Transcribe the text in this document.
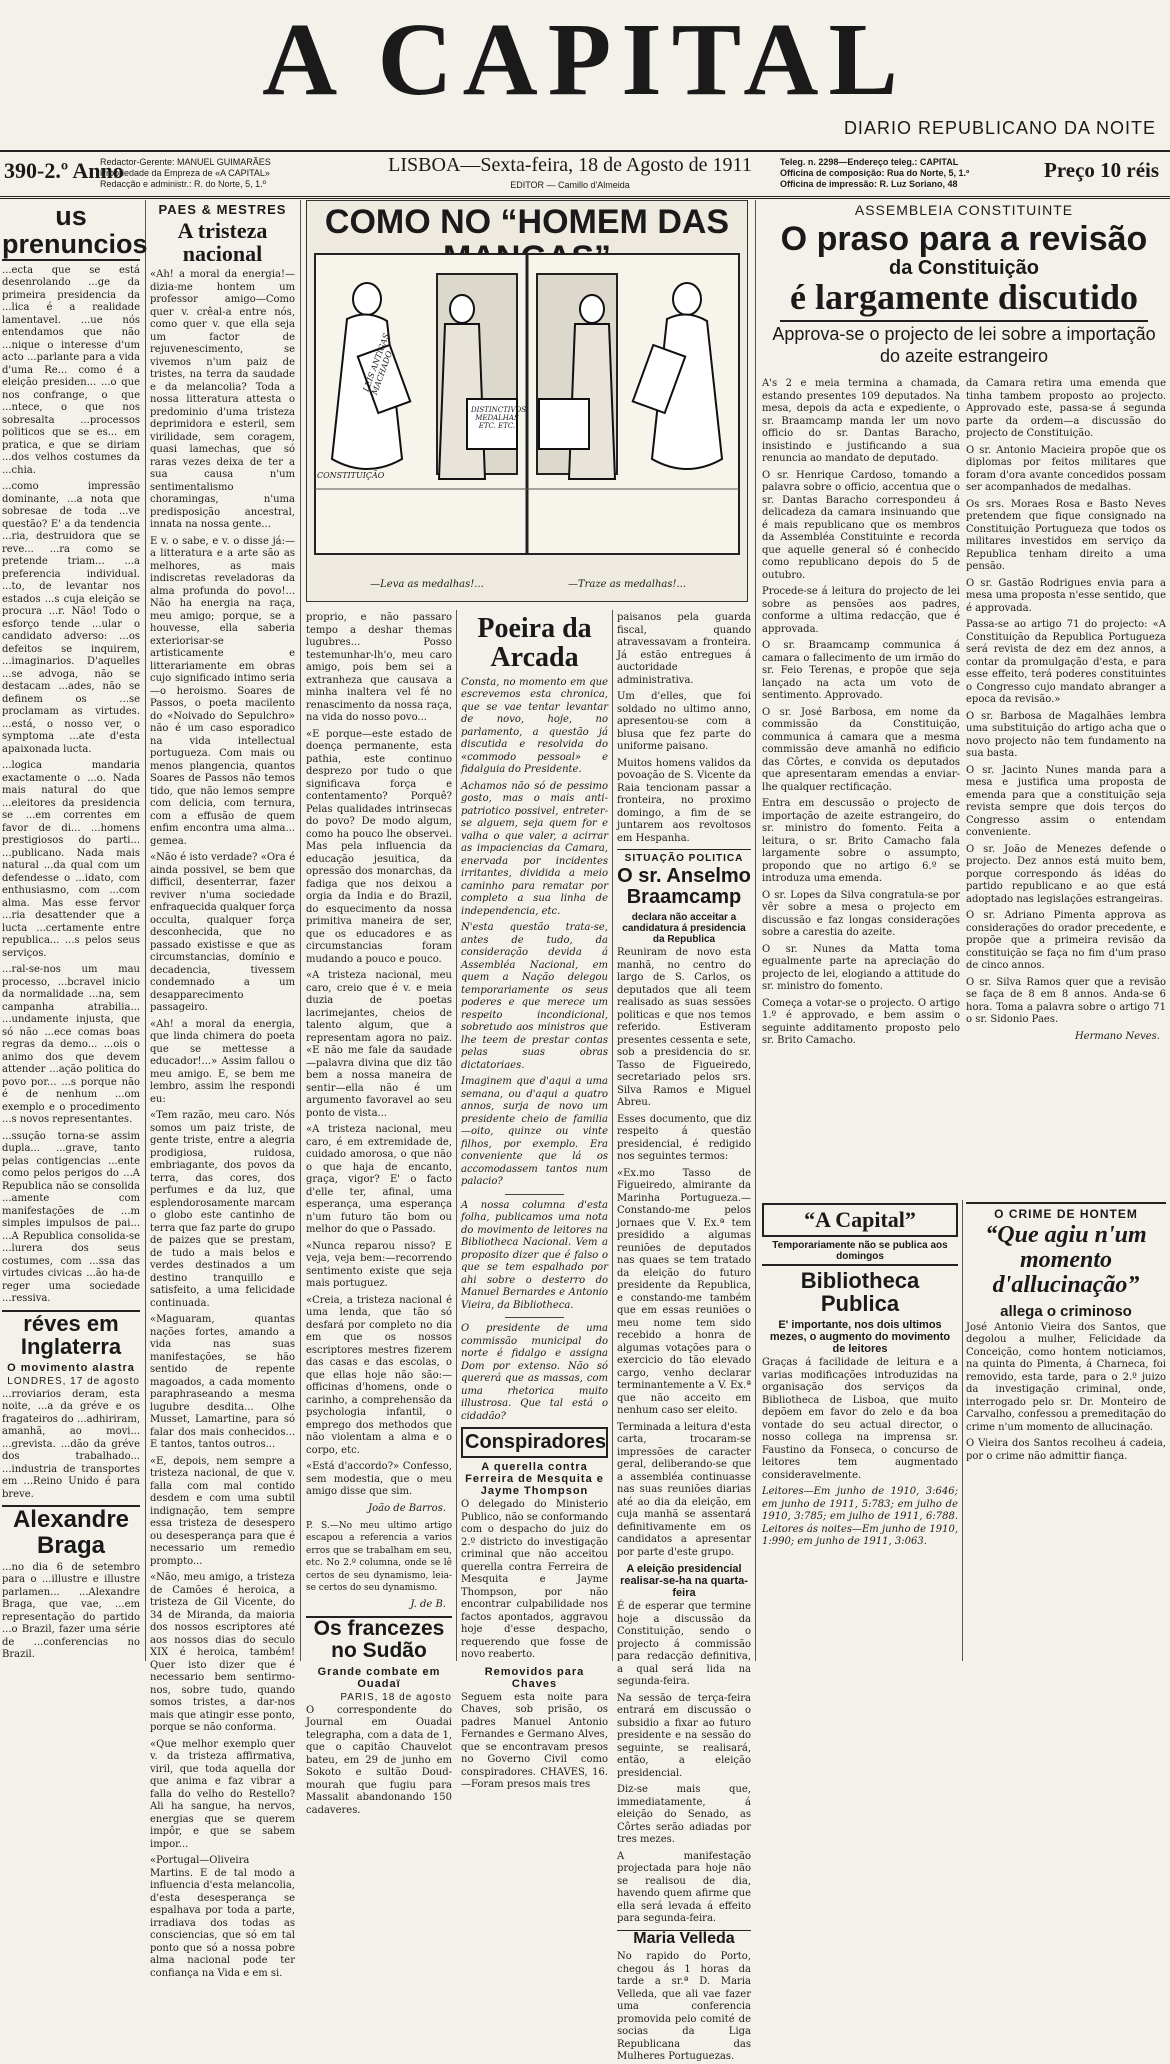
A CAPITAL
DIARIO REPUBLICANO DA NOITE
390-2.º Anno
Redactor-Gerente: MANUEL GUIMARÃES
Propriedade da Empreza de «A CAPITAL»
Redacção e administr.: R. do Norte, 5, 1.º
LISBOA—Sexta-feira, 18 de Agosto de 1911
EDITOR — Camillo d'Almeida
Teleg. n. 2298—Endereço teleg.: CAPITAL
Officina de composição: Rua do Norte, 5, 1.º
Officina de impressão: R. Luz Soriano, 48
Preço 10 réis
us prenuncios

...ecta que se está desenrolando ...ge da primeira presidencia da ...lica é a realidade lamentavel. ...ue nós entendamos que não ...nique o interesse d'um acto ...parlante para a vida d'uma Re... como é a eleição presiden... ...o que nos confrange, o que ...ntece, o que nos sobresalta ...processos politicos que se es... em pratica, e que se diriam ...dos velhos costumes da ...chia.

...como impressão dominante, ...a nota que sobresae de toda ...ve questão? E' a da tendencia ...ria, destruidora que se reve... ...ra como se pretende triam... ...a preferencia individual. ...to, de levantar nos estados ...s cuja eleição se procura ...r. Não! Todo o esforço tende ...ular o candidato adverso: ...os defeitos se inquirem, ...imaginarios. D'aquelles ...se advoga, não se destacam ...ades, não se definem os ...se proclamam as virtudes. ...está, o nosso ver, o symptoma ...ate d'esta apaixonada lucta.

...logica mandaria exactamente o ...o. Nada mais natural do que ...eleitores da presidencia se ...em correntes em favor de di... ...homens prestigiosos do parti... ...publicano. Nada mais natural ...da qual com um defendesse o ...idato, com enthusiasmo, com ...com alma. Mas esse fervor ...ria desattender que a lucta ...certamente entre republica... ...s pelos seus serviços.

...ral-se-nos um mau processo, ...bcravel inicio da normalidade ...na, sem campanha atrabilia... ...undamente injusta, que só não ...ece comas boas regras da demo... ...ois o animo dos que devem attender ...ação politica do povo por... ...s porque não é de nenhum ...om exemplo e o procedimento ...s novos representantes.

...ssução torna-se assim dupla... ...grave, tanto pelas contigencias ...ente como pelos perigos do ...A Republica não se consolida ...amente com manifestações de ...m simples impulsos de pai... ...A Republica consolida-se ...lurera dos seus costumes, com ...ssa das virtudes civicas ...ão ha-de reger uma sociedade ...ressiva.

réves em Inglaterra
O movimento alastra
LONDRES, 17 de agosto

...rroviarios deram, esta noite, ...a da gréve e os fragateiros do ...adhiriram, amanhã, ao movi... ...grevista. ...dão da gréve dos trabalhado... ...industria de transportes em ...Reino Unido é para breve.

Alexandre Braga

...no dia 6 de setembro para o ...illustre e illustre parlamen... ...Alexandre Braga, que vae, ...em representação do partido ...o Brazil, fazer uma série de ...conferencias no Brazil.

PAES & MESTRES
A tristeza nacional

«Ah! a moral da energia!—dizia-me hontem um professor amigo—Como quer v. crêal-a entre nós, como quer v. que ella seja um factor de rejuvenescimento, se vivemos n'um paiz de tristes, na terra da saudade e da melancolia? Toda a nossa litteratura attesta o predominio d'uma tristeza deprimidora e esteril, sem virilidade, sem coragem, quasi lamechas, que só raras vezes deixa de ter a sua causa n'um sentimentalismo choramingas, n'uma predisposição ancestral, innata na nossa gente...

E v. o sabe, e v. o disse já:—a litteratura e a arte são as melhores, as mais indiscretas reveladoras da alma profunda do povo!... Não ha energia na raça, meu amigo; porque, se a houvesse, ella saberia exteriorisar-se artisticamente e litterariamente em obras cujo significado intimo seria—o heroismo. Soares de Passos, o poeta macilento do «Noivado do Sepulchro» não é um caso esporadico na vida intellectual portugueza. Com mais ou menos plangencia, quantos Soares de Passos não temos tido, que não lemos sempre com delicia, com ternura, com a effusão de quem enfim encontra uma alma... gemea.

«Não é isto verdade? «Ora é ainda possivel, se bem que difficil, desenterrar, fazer reviver n'uma sociedade enfraquecida qualquer força occulta, qualquer força desconhecida, que no passado existisse e que as circumstancias, domínio e decadencia, tivessem condemnado a um desapparecimento passageiro.

«Ah! a moral da energia, que linda chimera do poeta que se mettesse a educador!...» Assim fallou o meu amigo. E, se bem me lembro, assim lhe respondi eu:

«Tem razão, meu caro. Nós somos um paiz triste, de gente triste, entre a alegria prodigiosa, ruidosa, embriagante, dos povos da terra, das cores, dos perfumes e da luz, que esplendorosamente marcam o globo este cantinho de terra que faz parte do grupo de paizes que se prestam, de tudo a mais belos e verdes destinados a um destino tranquillo e satisfeito, a uma felicidade continuada.

«Maguaram, quantas nações fortes, amando a vida nas suas manifestações, se hão sentido de repente magoados, a cada momento paraphraseando a mesma lugubre desdita... Olhe Musset, Lamartine, para só falar dos mais conhecidos... E tantos, tantos outros...

«E, depois, nem sempre a tristeza nacional, de que v. falla com mal contido desdem e com uma subtil indignação, tem sempre essa tristeza de desespero ou desesperança para que é necessario um remedio prompto...

«Não, meu amigo, a tristeza de Camões é heroica, a tristeza de Gil Vicente, do 34 de Miranda, da maioria dos nossos escriptores até aos nossos dias do seculo XIX é heroica, também! Quer isto dizer que é necessario bem sentirmo-nos, sobre tudo, quando somos tristes, a dar-nos mais que atingir esse ponto, porque se não conforma.

«Que melhor exemplo quer v. da tristeza affirmativa, viril, que toda aquella dor que anima e faz vibrar a falla do velho do Restello? Ali ha sangue, ha nervos, energias que se querem impôr, e que se sabem impor...

«Portugal—Oliveira Martins. E de tal modo a influencia d'esta melancolia, d'esta desesperança se espalhava por toda a parte, irradiava dos todas as consciencias, que só em tal ponto que só a nossa pobre alma nacional pode ter confiança na Vida e em si.

COMO NO “HOMEM DAS
LEIS ANTIGAS MACHADO
DISTINCTIVOS MEDALHAS ETC. ETC.
CONSTITUIÇÃO
—Leva as medalhas!...	—Traze as medalhas!...

proprio, e não passaro tempo a deshar themas lugubres... Posso testemunhar-lh'o, meu caro amigo, pois bem sei a extranheza que causava a minha inaltera vel fé no renascimento da nossa raça, na vida do nosso povo...

«E porque—este estado de doença permanente, esta pathia, este continuo desprezo por tudo o que significava força e contentamento? Porquê? Pelas qualidades intrinsecas do povo? De modo algum, como ha pouco lhe observei. Mas pela influencia da educação jesuitica, da opressão dos monarchas, da fadiga que nos deixou a orgia da India e do Brazil, do esquecimento da nossa primitiva maneira de ser, que os educadores e as circumstancias foram mudando a pouco e pouco.

«A tristeza nacional, meu caro, creio que é v. e meia duzia de poetas lacrimejantes, cheios de talento algum, que a representam agora no paiz. «E não me fale da saudade—palavra divina que diz tão bem a nossa maneira de sentir—ella não é um argumento favoravel ao seu ponto de vista...

«A tristeza nacional, meu caro, é em extremidade de, cuidado amorosa, o que não o que haja de encanto, graça, vigor? E' o facto d'elle ter, afinal, uma esperança, uma esperança n'um futuro tão bom ou melhor do que o Passado.

«Nunca reparou nisso? E veja, veja bem:—recorrendo sentimento existe que seja mais portuguez.

«Creia, a tristeza nacional é uma lenda, que tão só desfará por completo no dia em que os nossos escriptores mestres fizerem das casas e das escolas, o que ellas hoje não são:—officinas d'homens, onde o carinho, a comprehensão da psychologia infantil, o emprego dos methodos que não violentam a alma e o corpo, etc.

«Está d'accordo?» Confesso, sem modestia, que o meu amigo disse que sim.

João de Barros.

P. S.—No meu ultimo artigo escapou a referencia a varios erros que se trabalham em seu, etc. No 2.º columna, onde se lê certos de seu dynamismo, leia-se certos do seu dynamismo.

J. de B.
Os francezes no Sudão
Grande combate em Ouadaï
PARIS, 18 de agosto

O correspondente do Journal em Ouadai telegrapha, com a data de 1, que o capitão Chauvelot bateu, em 29 de junho em Sokoto e sultão Doud-mourah que fugiu para Massalit abandonando 150 cadaveres.

Poeira da Arcada

Consta, no momento em que escrevemos esta chronica, que se vae tentar levantar de novo, hoje, no parlamento, a questão já discutida e resolvida do «commodo pessoal» e fidalguia do Presidente.

Achamos não só de pessimo gosto, mas o mais anti-patriotico possivel, entreter-se alguem, seja quem for e valha o que valer, a acirrar as impaciencias da Camara, enervada por incidentes irritantes, dividida a meio caminho para rematar por completo a sua linha de independencia, etc.

N'esta questão trata-se, antes de tudo, da consideração devida á Assembléa Nacional, em quem a Nação delegou temporariamente os seus poderes e que merece um respeito incondicional, sobretudo aos ministros que lhe teem de prestar contas pelas suas obras dictatoriaes.

Imaginem que d'aqui a uma semana, ou d'aqui a quatro annos, surja de novo um presidente cheio de familia—oito, quinze ou vinte filhos, por exemplo. Era conveniente que lá os accomodassem tantos num palacio?

A nossa columna d'esta folha, publicamos uma nota do movimento de leitores na Bibliotheca Nacional. Vem a proposito dizer que é falso o que se tem espalhado por ahi sobre o desterro do Manuel Bernardes e Antonio Vieira, da Bibliotheca.

O presidente de uma commissão municipal do norte é fidalgo e assigna Dom por extenso. Não só quererá que as massas, com uma rhetorica muito illustrosa. Que tal está o cidadão?

Conspiradores
A querella contra Ferreira de Mesquita e Jayme Thompson

O delegado do Ministerio Publico, não se conformando com o despacho do juiz do 2.º districto do investigação criminal que não acceitou querella contra Ferreira de Mesquita e Jayme Thompson, por não encontrar culpabilidade nos factos apontados, aggravou hoje d'esse despacho, requerendo que fosse de novo reaberto.

Removidos para Chaves

Seguem esta noite para Chaves, sob prisão, os padres Manuel Antonio Fernandes e Germano Alves, que se encontravam presos no Governo Civil como conspiradores. CHAVES, 16.—Foram presos mais tres

paisanos pela guarda fiscal, quando atravessavam a fronteira. Já estão entregues á auctoridade administrativa.

Um d'elles, que foi soldado no ultimo anno, apresentou-se com a blusa que fez parte do uniforme paisano.

Muitos homens validos da povoação de S. Vicente da Raia tencionam passar a fronteira, no proximo domingo, a fim de se juntarem aos revoltosos em Hespanha.

SITUAÇÃO POLITICA
O sr. Anselmo Braamcamp
declara não acceitar a candidatura á presidencia da Republica

Reuniram de novo esta manhã, no centro do largo de S. Carlos, os deputados que ali teem realisado as suas sessões politicas e que nos temos referido. Estiveram presentes cessenta e sete, sob a presidencia do sr. Tasso de Figueiredo, secretariado pelos srs. Silva Ramos e Miguel Abreu.

Esses documento, que diz respeito á questão presidencial, é redigido nos seguintes termos:

«Ex.mo Tasso de Figueiredo, almirante da Marinha Portugueza.—Constando-me pelos jornaes que V. Ex.ª tem presidido a algumas reuniões de deputados nas quaes se tem tratado da eleição do futuro presidente da Republica, e constando-me também que em essas reuniões o meu nome tem sido recebido a honra de algumas votações para o exercicio do tão elevado cargo, venho declarar terminantemente a V. Ex.ª que não acceito em nenhum caso ser eleito.

Terminada a leitura d'esta carta, trocaram-se impressões de caracter geral, deliberando-se que a assembléa continuasse nas suas reuniões diarias até ao dia da eleição, em cuja manhã se assentará definitivamente em os candidatos a apresentar por parte d'este grupo.

A eleição presidencial realisar-se-ha na quarta-feira

É de esperar que termine hoje a discussão da Constituição, sendo o projecto á commissão para redacção definitiva, a qual será lida na segunda-feira.

Na sessão de terça-feira entrará em discussão o subsidio a fixar ao futuro presidente e na sessão do seguinte, se realisará, então, a eleição presidencial.

Diz-se mais que, immediatamente, á eleição do Senado, as Côrtes serão adiadas por tres mezes.

A manifestação projectada para hoje não se realisou de dia, havendo quem afirme que ella será levada á effeito para segunda-feira.

Maria Velleda

No rapido do Porto, chegou ás 1 horas da tarde a sr.ª D. Maria Velleda, que ali vae fazer uma conferencia promovida pelo comité de socias da Liga Republicana das Mulheres Portuguezas.

ASSEMBLEIA CONSTITUINTE
O praso para a revisão
da Constituição
é largamente discutido
Approva-se o projecto de lei sobre a importação do azeite estrangeiro

A's 2 e meia termina a chamada, estando presentes 109 deputados. Na mesa, depois da acta e expediente, o sr. Braamcamp manda ler um novo officio do sr. Dantas Baracho, insistindo e justificando a sua renuncia ao mandato de deputado.

O sr. Henrique Cardoso, tomando a palavra sobre o officio, accentua que o sr. Dantas Baracho correspondeu á delicadeza da camara insinuando que é mais republicano que os membros da Assembléa Constituinte e recorda que aquelle general só é conhecido como republicano depois do 5 de outubro.

Procede-se á leitura do projecto de lei sobre as pensões aos padres, conforme a ultima redacção, que é approvada.

O sr. Braamcamp communica á camara o fallecimento de um irmão do sr. Feio Terenas, e propõe que seja lançado na acta um voto de sentimento. Approvado.

O sr. José Barbosa, em nome da commissão da Constituição, communica á camara que a mesma commissão deve amanhã no edificio das Côrtes, e convida os deputados que apresentaram emendas a enviar-lhe qualquer rectificação.

Entra em descussão o projecto de importação de azeite estrangeiro, do sr. ministro do fomento. Feita a leitura, o sr. Brito Camacho fala largamente sobre o assumpto, propondo que no artigo 6.º se introduza uma emenda.

O sr. Lopes da Silva congratula-se por vêr sobre a mesa o projecto em discussão e faz longas considerações sobre a carestia do azeite.

O sr. Nunes da Matta toma egualmente parte na apreciação do projecto de lei, elogiando a attitude do sr. ministro do fomento.

Começa a votar-se o projecto. O artigo 1.º é approvado, e bem assim o seguinte additamento proposto pelo sr. Brito Camacho.

da Camara retira uma emenda que tinha tambem proposto ao projecto. Approvado este, passa-se á segunda parte da ordem—a discussão do projecto de Constituição.

O sr. Antonio Macieira propõe que os diplomas por feitos militares que foram d'ora avante concedidos possam ser acompanhados de medalhas.

Os srs. Moraes Rosa e Basto Neves pretendem que fique consignado na Constituição Portugueza que todos os militares investidos em serviço da Republica tenham direito a uma pensão.

O sr. Gastão Rodrigues envia para a mesa uma proposta n'esse sentido, que é approvada.

Passa-se ao artigo 71 do projecto: «A Constituição da Republica Portugueza será revista de dez em dez annos, a contar da promulgação d'esta, e para esse effeito, terá poderes constituintes o Congresso cujo mandato abranger a epoca da revisão.»

O sr. Barbosa de Magalhães lembra uma substituição do artigo acha que o novo projecto não tem fundamento na sua basta.

O sr. Jacinto Nunes manda para a mesa e justifica uma proposta de emenda para que a constituição seja revista sempre que dois terços do Congresso assim o entendam conveniente.

O sr. João de Menezes defende o projecto. Dez annos está muito bem, porque correspondo ás idéas do partido republicano e ao que está adoptado nas legislações estrangeiras.

O sr. Adriano Pimenta approva as considerações do orador precedente, e propõe que a primeira revisão da constituição se faça no fim d'um praso de cinco annos.

O sr. Silva Ramos quer que a revisão se faça de 8 em 8 annos. Anda-se 6 hora. Toma a palavra sobre o artigo 71 o sr. Sidonio Paes.

Hermano Neves.
“A Capital”
Temporariamente não se publica aos domingos
Bibliotheca Publica
E' importante, nos dois ultimos mezes, o augmento do movimento de leitores

Graças á facilidade de leitura e a varias modificações introduzidas na organisação dos serviços da Bibliotheca de Lisboa, que muito depõem em favor do zelo e da boa vontade do seu actual director, o nosso collega na imprensa sr. Faustino da Fonseca, o concurso de leitores tem augmentado consideravelmente.

Leitores—Em junho de 1910, 3:646; em junho de 1911, 5:783; em julho de 1910, 3:785; em julho de 1911, 6:788. Leitores ás noites—Em junho de 1910, 1:990; em junho de 1911, 3:063.

O CRIME DE HONTEM
“Que agiu n'um momento d'allucinação”
allega o criminoso

José Antonio Vieira dos Santos, que degolou a mulher, Felicidade da Conceição, como hontem noticiamos, na quinta do Pimenta, á Charneca, foi removido, esta tarde, para o 2.º juizo da investigação criminal, onde, interrogado pelo sr. Dr. Monteiro de Carvalho, confessou a premeditação do crime n'um momento de allucinação.

O Vieira dos Santos recolheu á cadeia, por o crime não admittir fiança.
